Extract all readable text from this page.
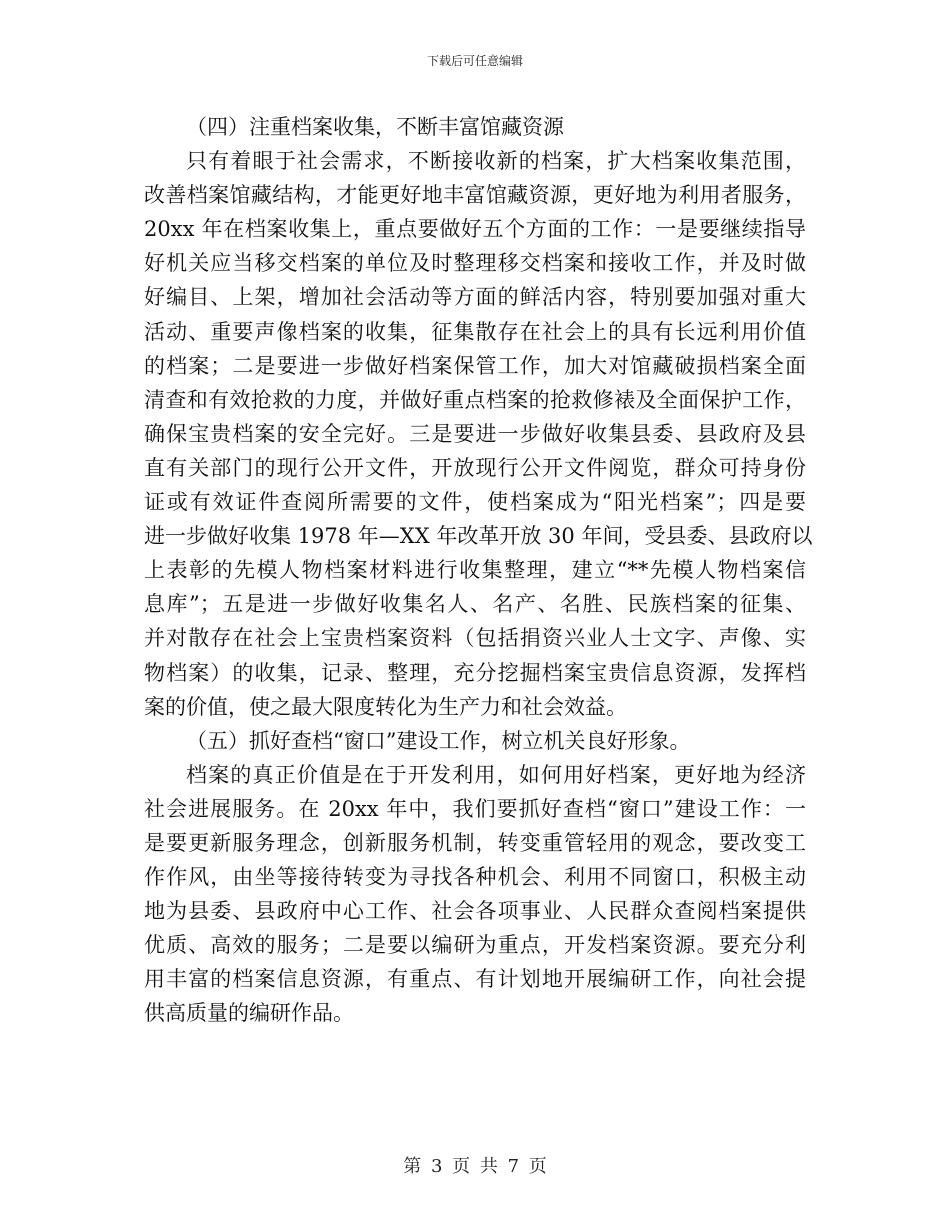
下载后可任意编辑
（四）注重档案收集，不断丰富馆藏资源
只有着眼于社会需求，不断接收新的档案，扩大档案收集范围，
改善档案馆藏结构，才能更好地丰富馆藏资源，更好地为利用者服务，
20xx 年在档案收集上，重点要做好五个方面的工作：一是要继续指导
好机关应当移交档案的单位及时整理移交档案和接收工作，并及时做
好编目、上架，增加社会活动等方面的鲜活内容，特别要加强对重大
活动、重要声像档案的收集，征集散存在社会上的具有长远利用价值
的档案；二是要进一步做好档案保管工作，加大对馆藏破损档案全面
清查和有效抢救的力度，并做好重点档案的抢救修裱及全面保护工作，
确保宝贵档案的安全完好。三是要进一步做好收集县委、县政府及县
直有关部门的现行公开文件，开放现行公开文件阅览，群众可持身份
证或有效证件查阅所需要的文件，使档案成为“阳光档案”；四是要
进一步做好收集 1978 年—XX 年改革开放 30 年间，受县委、县政府以
上表彰的先模人物档案材料进行收集整理，建立“**先模人物档案信
息库”；五是进一步做好收集名人、名产、名胜、民族档案的征集、
并对散存在社会上宝贵档案资料（包括捐资兴业人士文字、声像、实
物档案）的收集，记录、整理，充分挖掘档案宝贵信息资源，发挥档
案的价值，使之最大限度转化为生产力和社会效益。
（五）抓好查档“窗口”建设工作，树立机关良好形象。
档案的真正价值是在于开发利用，如何用好档案，更好地为经济
社会进展服务。在 20xx 年中，我们要抓好查档“窗口”建设工作：一
是要更新服务理念，创新服务机制，转变重管轻用的观念，要改变工
作作风，由坐等接待转变为寻找各种机会、利用不同窗口，积极主动
地为县委、县政府中心工作、社会各项事业、人民群众查阅档案提供
优质、高效的服务；二是要以编研为重点，开发档案资源。要充分利
用丰富的档案信息资源，有重点、有计划地开展编研工作，向社会提
供高质量的编研作品。
第 3 页 共 7 页
